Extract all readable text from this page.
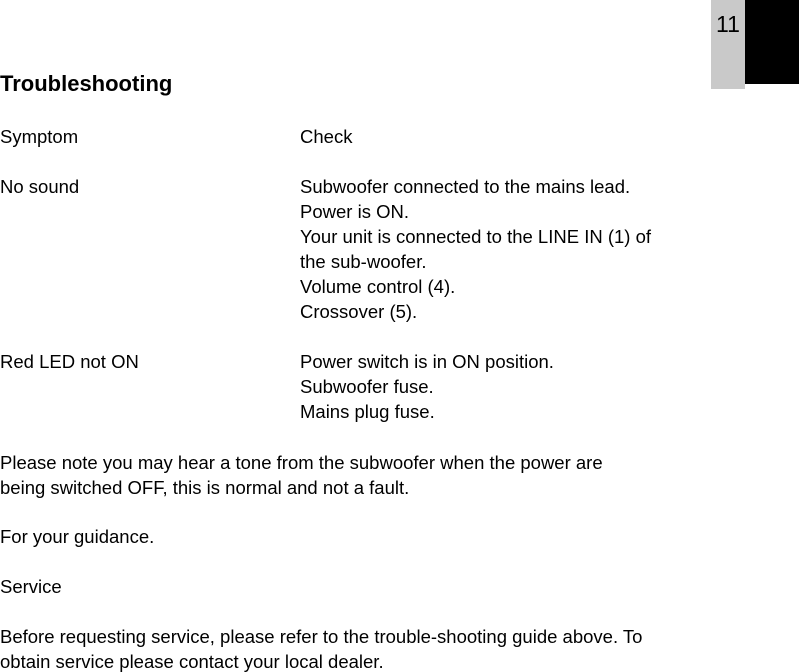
11
Troubleshooting
Symptom	Check
No sound	Subwoofer connected to the mains lead.
Power is ON.
Your unit is connected to the LINE IN (1) of
the sub-woofer.
Volume control (4).
Crossover (5).
Red LED not ON	Power switch is in ON position.
Subwoofer fuse.
Mains plug fuse.
Please note you may hear a tone from the subwoofer when the power are
being switched OFF, this is normal and not a fault.
For your guidance.
Service
Before requesting service, please refer to the trouble-shooting guide above. To
obtain service please contact your local dealer.
